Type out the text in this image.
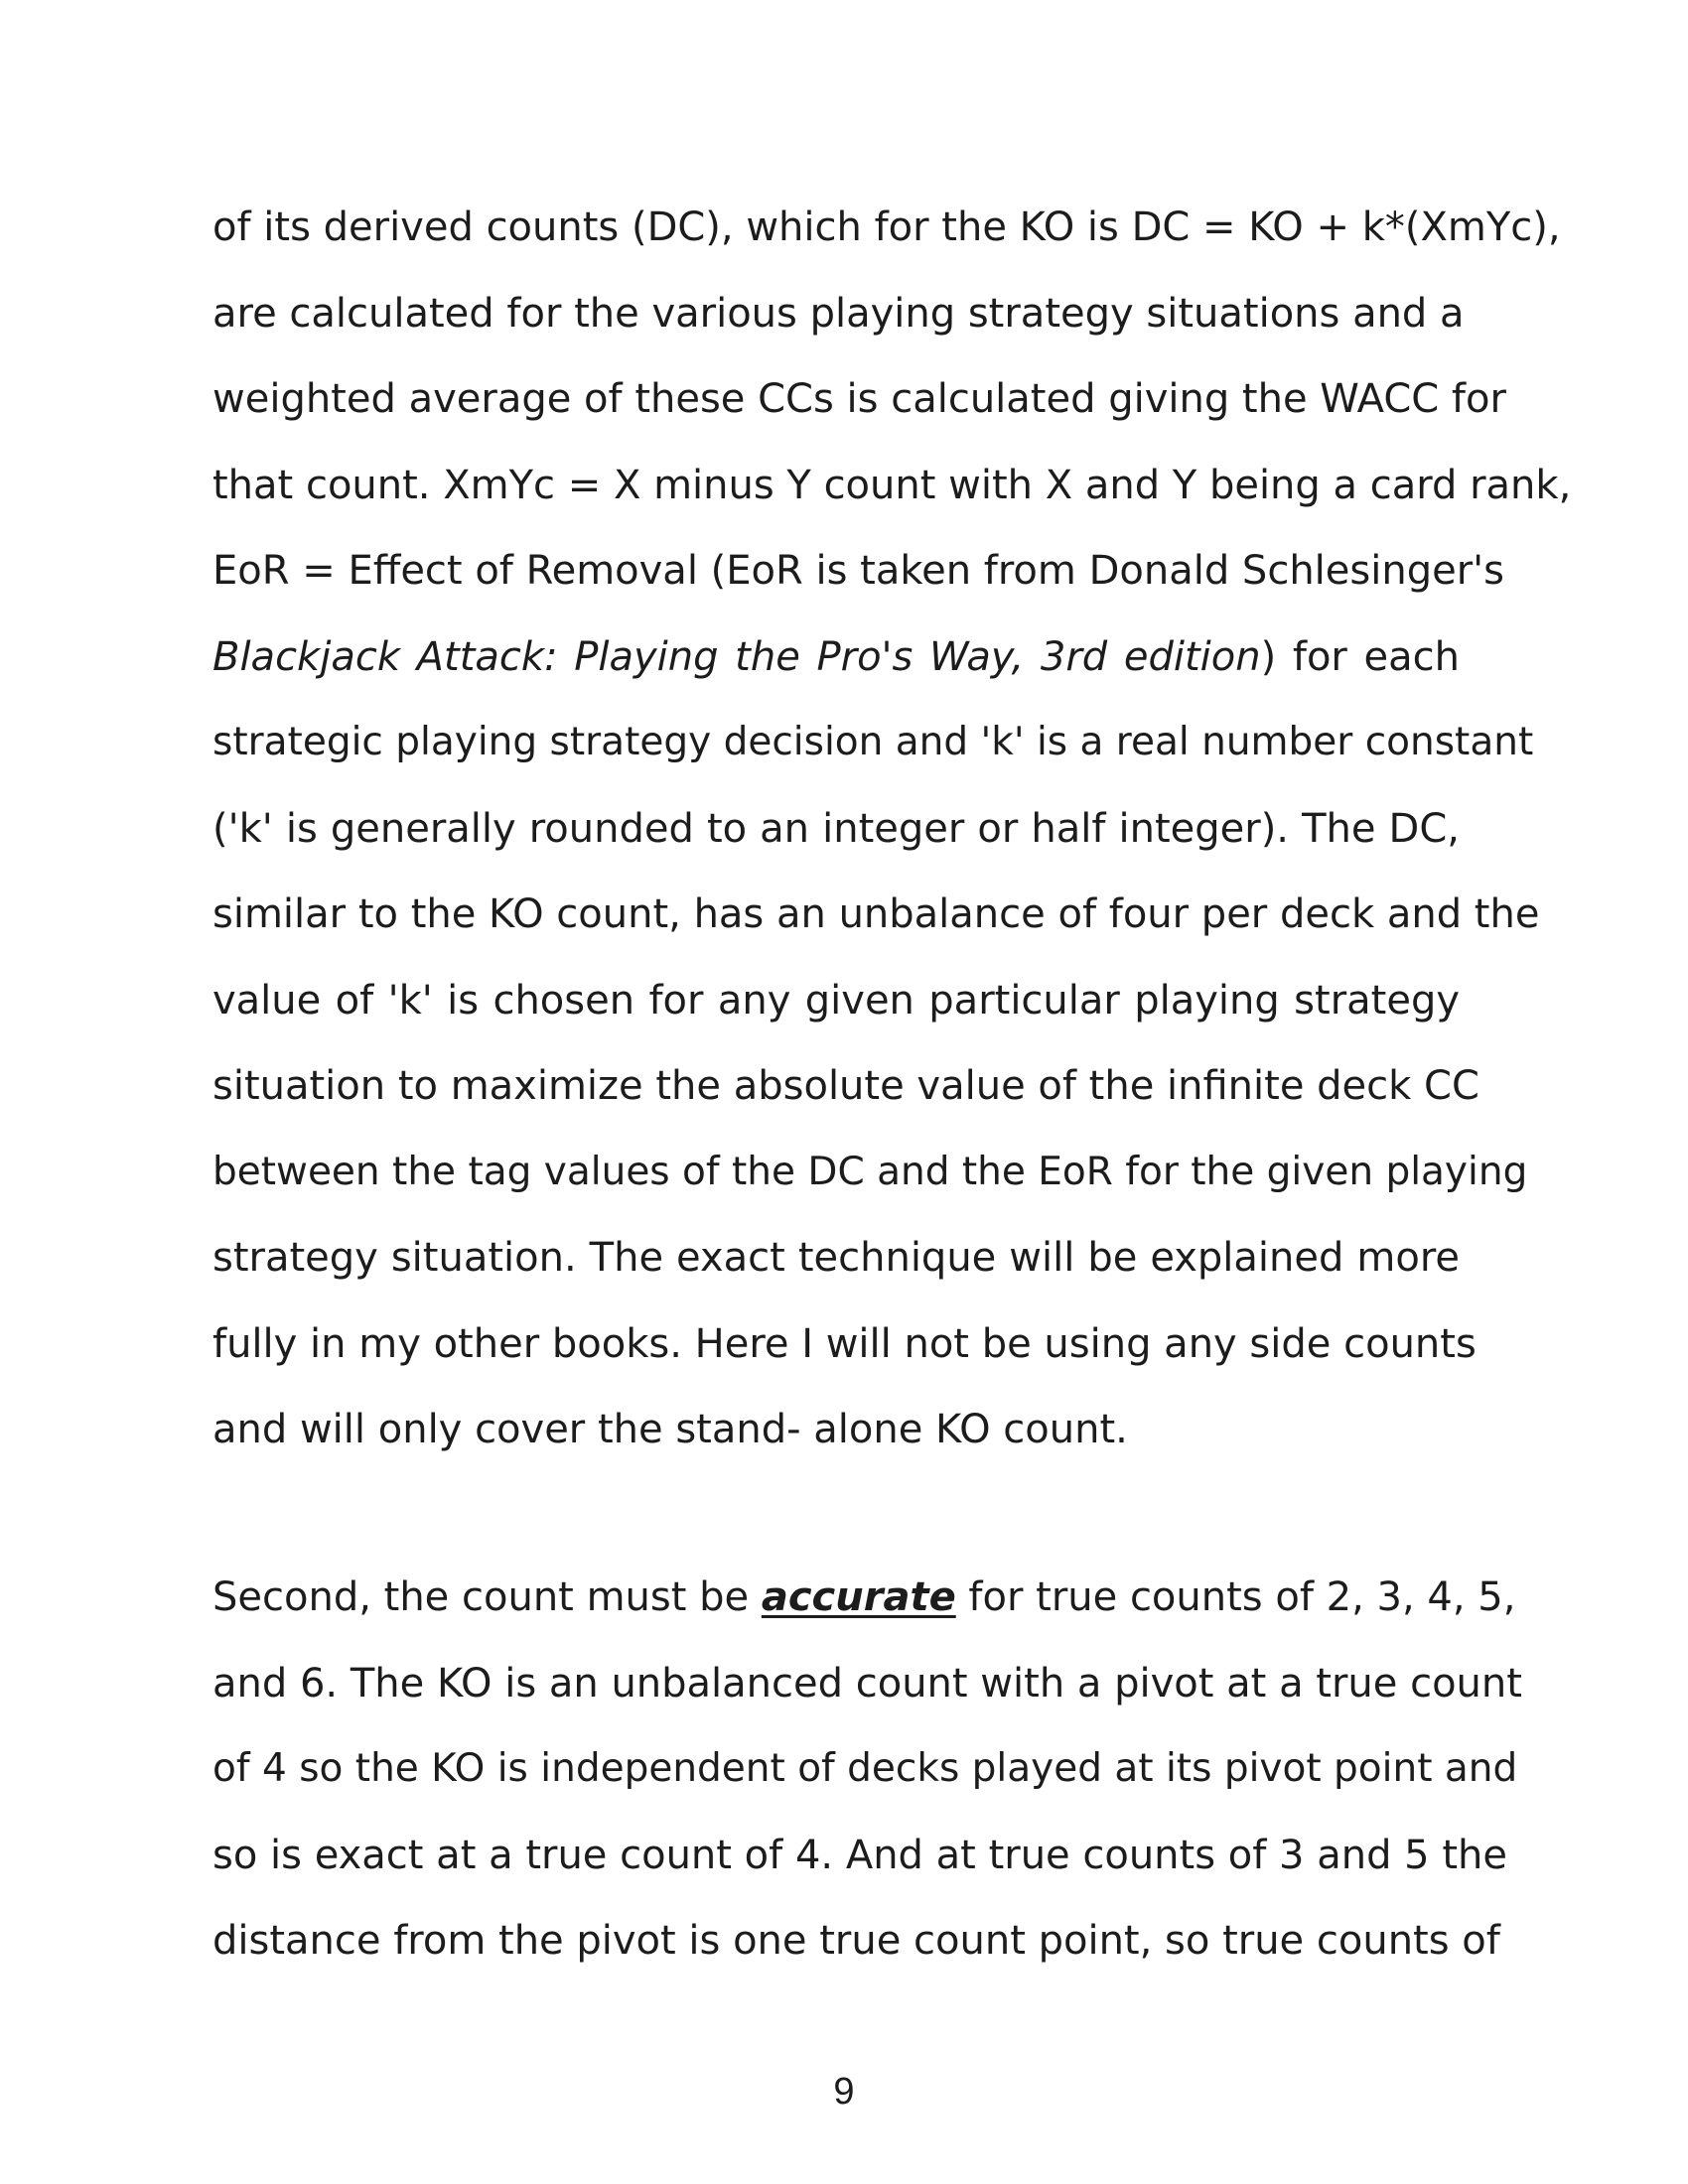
of its derived counts (DC), which for the KO is DC = KO + k*(XmYc),
are calculated for the various playing strategy situations and a
weighted average of these CCs is calculated giving the WACC for
that count. XmYc = X minus Y count with X and Y being a card rank,
EoR = Effect of Removal (EoR is taken from Donald Schlesinger's
Blackjack Attack: Playing the Pro's Way, 3rd edition) for each
strategic playing strategy decision and 'k' is a real number constant
('k' is generally rounded to an integer or half integer). The DC,
similar to the KO count, has an unbalance of four per deck and the
value of 'k' is chosen for any given particular playing strategy
situation to maximize the absolute value of the infinite deck CC
between the tag values of the DC and the EoR for the given playing
strategy situation. The exact technique will be explained more
fully in my other books. Here I will not be using any side counts
and will only cover the stand- alone KO count.
Second, the count must be accurate for true counts of 2, 3, 4, 5,
and 6. The KO is an unbalanced count with a pivot at a true count
of 4 so the KO is independent of decks played at its pivot point and
so is exact at a true count of 4. And at true counts of 3 and 5 the
distance from the pivot is one true count point, so true counts of
9
